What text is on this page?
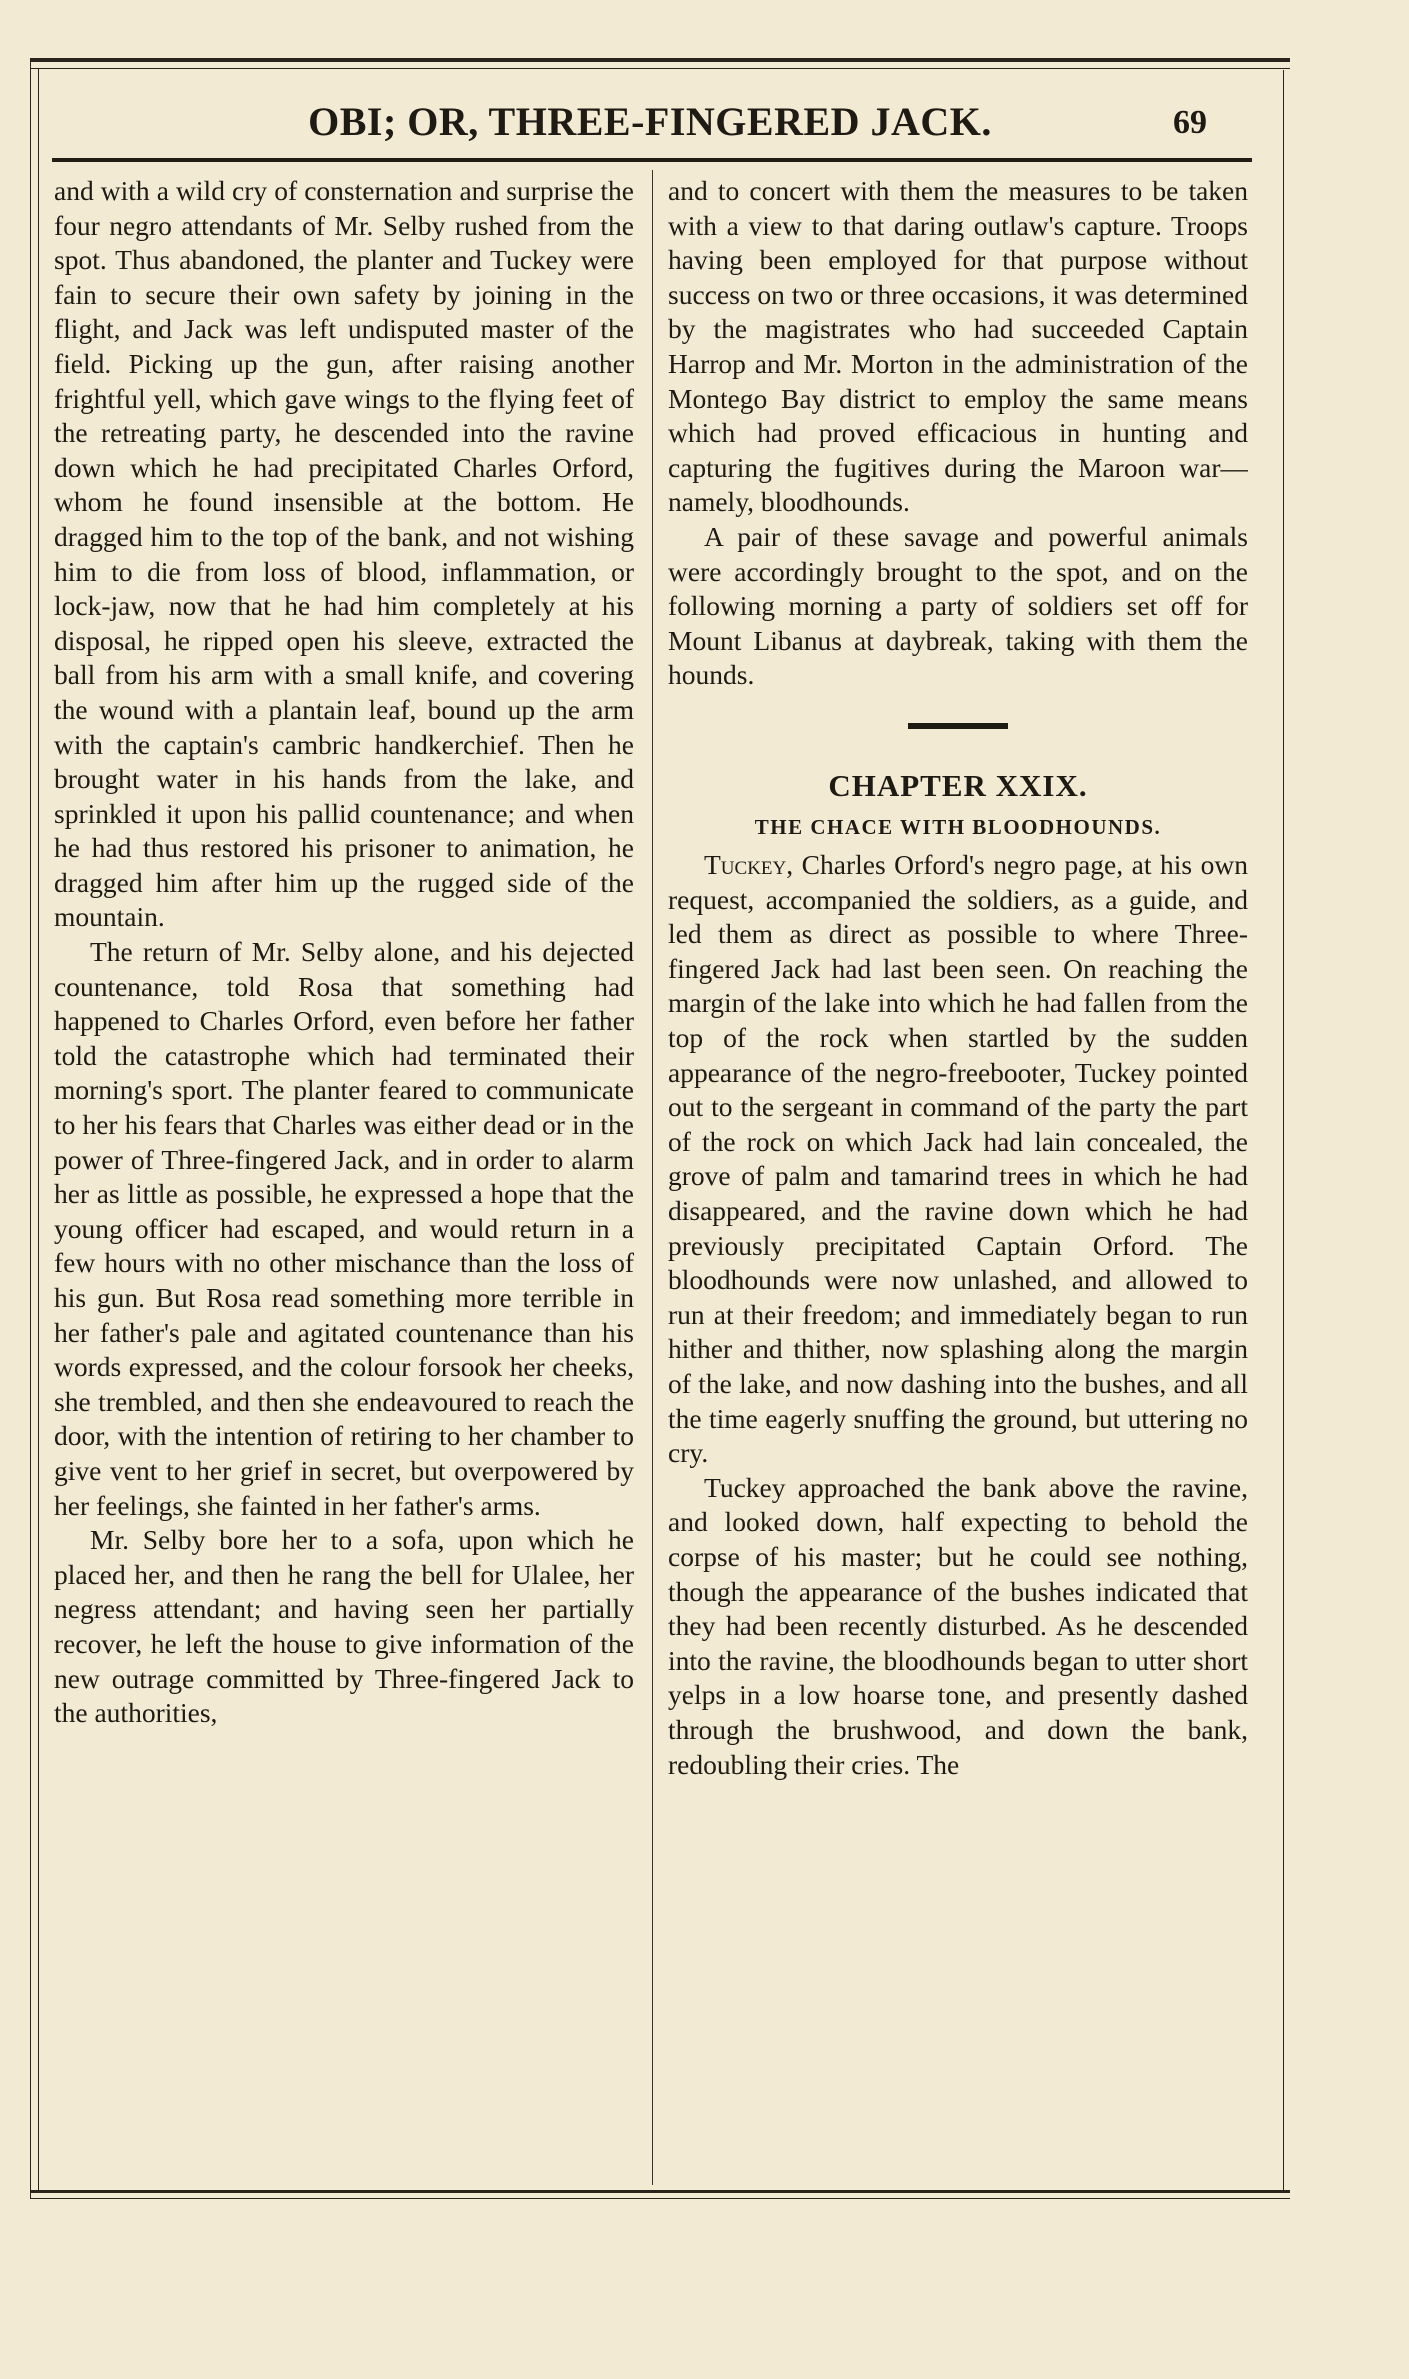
OBI; OR, THREE-FINGERED JACK.	69

and with a wild cry of consternation and surprise the four negro attendants of Mr. Selby rushed from the spot. Thus abandoned, the planter and Tuckey were fain to secure their own safety by joining in the flight, and Jack was left undisputed master of the field. Picking up the gun, after raising another frightful yell, which gave wings to the flying feet of the retreating party, he descended into the ravine down which he had precipitated Charles Orford, whom he found insensible at the bottom. He dragged him to the top of the bank, and not wishing him to die from loss of blood, inflammation, or lock-jaw, now that he had him completely at his disposal, he ripped open his sleeve, extracted the ball from his arm with a small knife, and covering the wound with a plantain leaf, bound up the arm with the captain's cambric handkerchief. Then he brought water in his hands from the lake, and sprinkled it upon his pallid countenance; and when he had thus restored his prisoner to animation, he dragged him after him up the rugged side of the mountain.

The return of Mr. Selby alone, and his dejected countenance, told Rosa that something had happened to Charles Orford, even before her father told the catastrophe which had terminated their morning's sport. The planter feared to communicate to her his fears that Charles was either dead or in the power of Three-fingered Jack, and in order to alarm her as little as possible, he expressed a hope that the young officer had escaped, and would return in a few hours with no other mischance than the loss of his gun. But Rosa read something more terrible in her father's pale and agitated countenance than his words expressed, and the colour forsook her cheeks, she trembled, and then she endeavoured to reach the door, with the intention of retiring to her chamber to give vent to her grief in secret, but overpowered by her feelings, she fainted in her father's arms.

Mr. Selby bore her to a sofa, upon which he placed her, and then he rang the bell for Ulalee, her negress attendant; and having seen her partially recover, he left the house to give information of the new outrage committed by Three-fingered Jack to the authorities,

and to concert with them the measures to be taken with a view to that daring outlaw's capture. Troops having been employed for that purpose without success on two or three occasions, it was determined by the magistrates who had succeeded Captain Harrop and Mr. Morton in the administration of the Montego Bay district to employ the same means which had proved efficacious in hunting and capturing the fugitives during the Maroon war—namely, bloodhounds.

A pair of these savage and powerful animals were accordingly brought to the spot, and on the following morning a party of soldiers set off for Mount Libanus at daybreak, taking with them the hounds.

CHAPTER XXIX.
THE CHACE WITH BLOODHOUNDS.

Tuckey, Charles Orford's negro page, at his own request, accompanied the soldiers, as a guide, and led them as direct as possible to where Three-fingered Jack had last been seen. On reaching the margin of the lake into which he had fallen from the top of the rock when startled by the sudden appearance of the negro-freebooter, Tuckey pointed out to the sergeant in command of the party the part of the rock on which Jack had lain concealed, the grove of palm and tamarind trees in which he had disappeared, and the ravine down which he had previously precipitated Captain Orford. The bloodhounds were now unlashed, and allowed to run at their freedom; and immediately began to run hither and thither, now splashing along the margin of the lake, and now dashing into the bushes, and all the time eagerly snuffing the ground, but uttering no cry.

Tuckey approached the bank above the ravine, and looked down, half expecting to behold the corpse of his master; but he could see nothing, though the appearance of the bushes indicated that they had been recently disturbed. As he descended into the ravine, the bloodhounds began to utter short yelps in a low hoarse tone, and presently dashed through the brushwood, and down the bank, redoubling their cries. The
